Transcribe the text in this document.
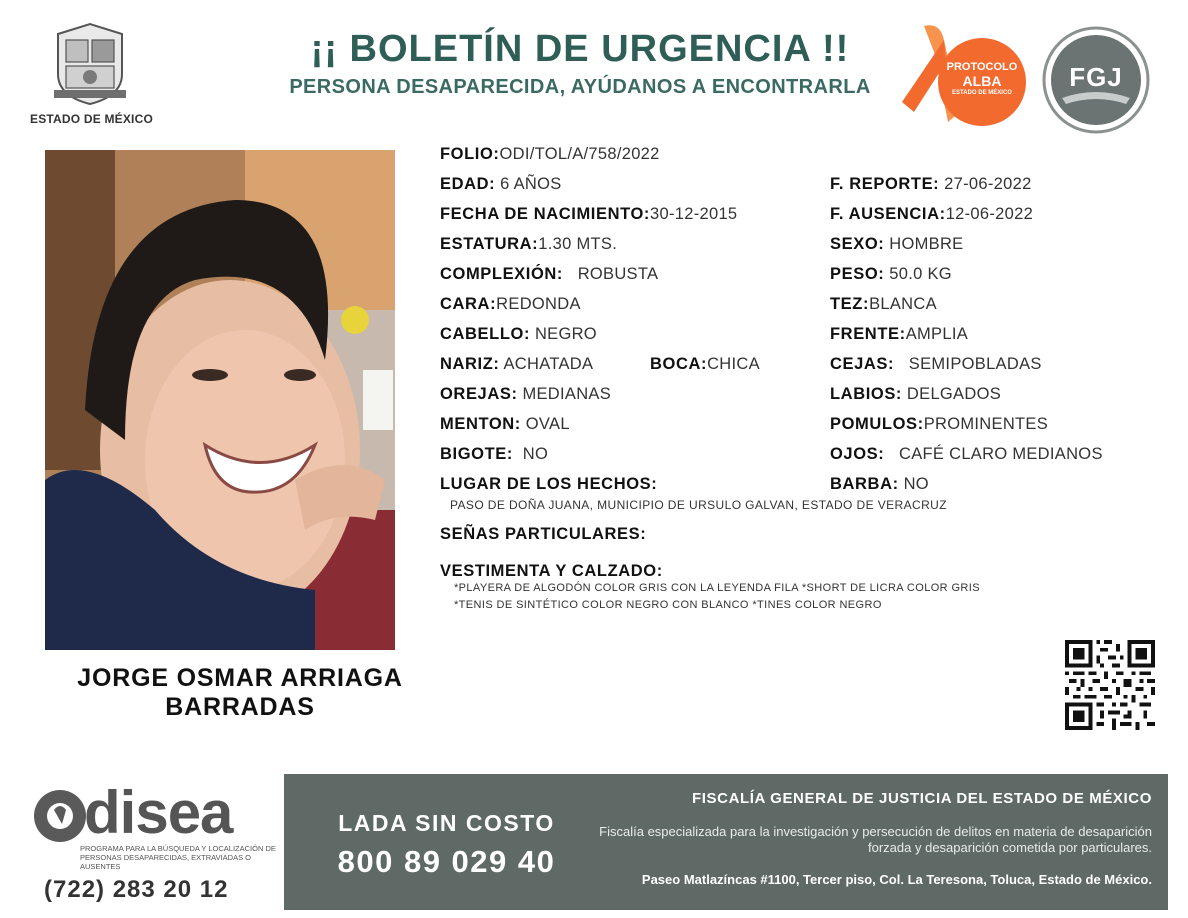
ESTADO DE MÉXICO
¡¡ BOLETÍN DE URGENCIA !!
PERSONA DESAPARECIDA, AYÚDANOS A ENCONTRARLA
PROTOCOLO
ALBA
ESTADO DE MÉXICO
FGJ
JORGE OSMAR ARRIAGA
BARRADAS
FOLIO:ODI/TOL/A/758/2022
EDAD: 6 AÑOS	F. REPORTE: 27-06-2022
FECHA DE NACIMIENTO:30-12-2015	F. AUSENCIA:12-06-2022
ESTATURA:1.30 MTS.	SEXO: HOMBRE
COMPLEXIÓN: ROBUSTA	PESO: 50.0 KG
CARA:REDONDA	TEZ:BLANCA
CABELLO: NEGRO	FRENTE:AMPLIA
NARIZ: ACHATADA	BOCA:CHICA	CEJAS: SEMIPOBLADAS
OREJAS: MEDIANAS	LABIOS: DELGADOS
MENTON: OVAL	POMULOS:PROMINENTES
BIGOTE: NO	OJOS: CAFÉ CLARO MEDIANOS
LUGAR DE LOS HECHOS:	BARBA: NO
PASO DE DOÑA JUANA, MUNICIPIO DE URSULO GALVAN, ESTADO DE VERACRUZ
SEÑAS PARTICULARES:
VESTIMENTA Y CALZADO:
*PLAYERA DE ALGODÓN COLOR GRIS CON LA LEYENDA FILA *SHORT DE LICRA COLOR GRIS
*TENIS DE SINTÉTICO COLOR NEGRO CON BLANCO *TINES COLOR NEGRO
disea
PROGRAMA PARA LA BÚSQUEDA Y LOCALIZACIÓN DE PERSONAS DESAPARECIDAS, EXTRAVIADAS O AUSENTES
(722) 283 20 12
LADA SIN COSTO
800 89 029 40
FISCALÍA GENERAL DE JUSTICIA DEL ESTADO DE MÉXICO
Fiscalía especializada para la investigación y persecución de delitos en materia de desaparición forzada y desaparición cometida por particulares.
Paseo Matlazíncas #1100, Tercer piso, Col. La Teresona, Toluca, Estado de México.
